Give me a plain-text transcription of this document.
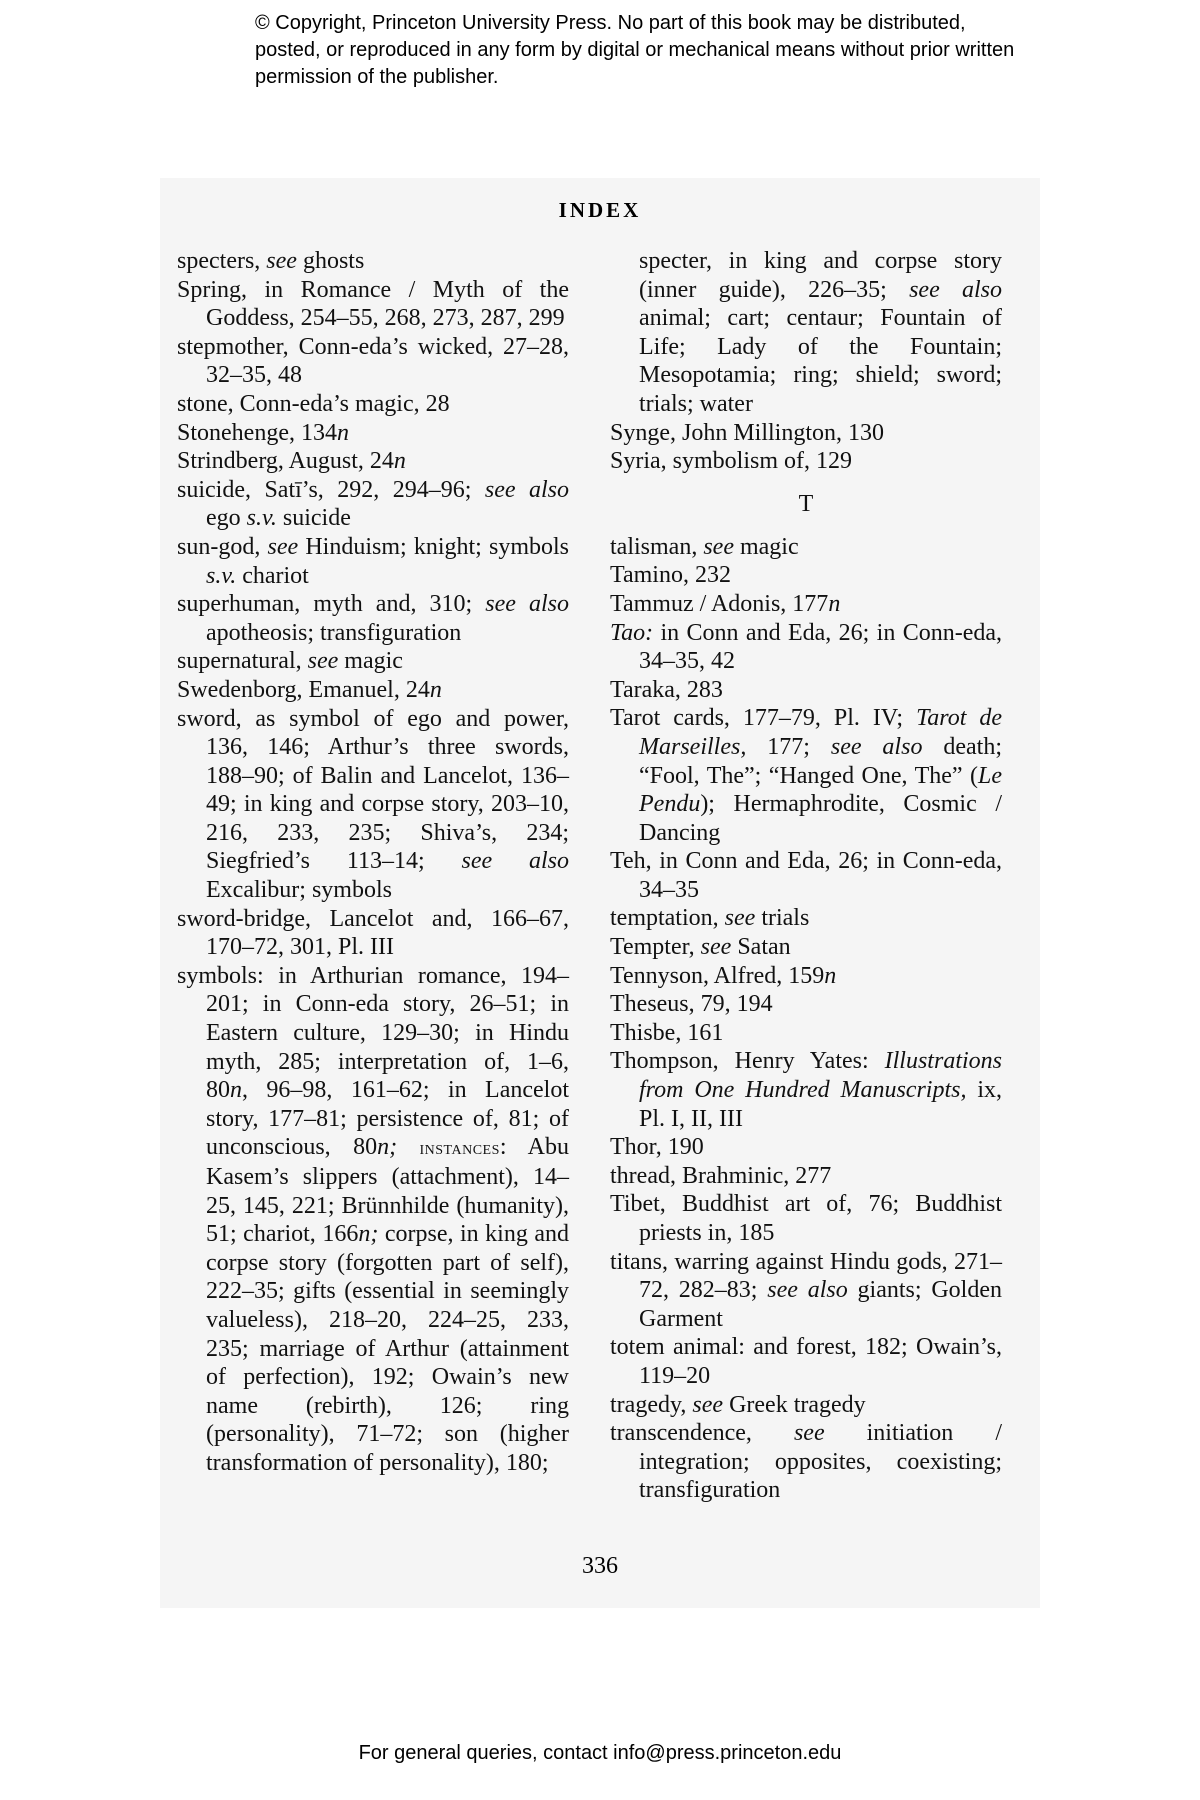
© Copyright, Princeton University Press. No part of this book may be distributed, posted, or reproduced in any form by digital or mechanical means without prior written permission of the publisher.
INDEX
specters, see ghosts
Spring, in Romance / Myth of the Goddess, 254–55, 268, 273, 287, 299
stepmother, Conn-eda’s wicked, 27–28, 32–35, 48
stone, Conn-eda’s magic, 28
Stonehenge, 134n
Strindberg, August, 24n
suicide, Satī’s, 292, 294–96; see also ego s.v. suicide
sun-god, see Hinduism; knight; symbols s.v. chariot
superhuman, myth and, 310; see also apotheosis; transfiguration
supernatural, see magic
Swedenborg, Emanuel, 24n
sword, as symbol of ego and power, 136, 146; Arthur’s three swords, 188–90; of Balin and Lancelot, 136–49; in king and corpse story, 203–10, 216, 233, 235; Shiva’s, 234; Siegfried’s 113–14; see also Excalibur; symbols
sword-bridge, Lancelot and, 166–67, 170–72, 301, Pl. III
symbols: in Arthurian romance, 194–201; in Conn-eda story, 26–51; in Eastern culture, 129–30; in Hindu myth, 285; interpretation of, 1–6, 80n, 96–98, 161–62; in Lancelot story, 177–81; persistence of, 81; of unconscious, 80n; instances: Abu Kasem’s slippers (attachment), 14–25, 145, 221; Brünnhilde (humanity), 51; chariot, 166n; corpse, in king and corpse story (forgotten part of self), 222–35; gifts (essential in seemingly valueless), 218–20, 224–25, 233, 235; marriage of Arthur (attainment of perfection), 192; Owain’s new name (rebirth), 126; ring (personality), 71–72; son (higher transformation of personality), 180;
specter, in king and corpse story (inner guide), 226–35; see also animal; cart; centaur; Fountain of Life; Lady of the Fountain; Mesopotamia; ring; shield; sword; trials; water
Synge, John Millington, 130
Syria, symbolism of, 129
T
talisman, see magic
Tamino, 232
Tammuz / Adonis, 177n
Tao: in Conn and Eda, 26; in Conn-eda, 34–35, 42
Taraka, 283
Tarot cards, 177–79, Pl. IV; Tarot de Marseilles, 177; see also death; “Fool, The”; “Hanged One, The” (Le Pendu); Hermaphrodite, Cosmic / Dancing
Teh, in Conn and Eda, 26; in Conn-eda, 34–35
temptation, see trials
Tempter, see Satan
Tennyson, Alfred, 159n
Theseus, 79, 194
Thisbe, 161
Thompson, Henry Yates: Illustrations from One Hundred Manuscripts, ix, Pl. I, II, III
Thor, 190
thread, Brahminic, 277
Tibet, Buddhist art of, 76; Buddhist priests in, 185
titans, warring against Hindu gods, 271–72, 282–83; see also giants; Golden Garment
totem animal: and forest, 182; Owain’s, 119–20
tragedy, see Greek tragedy
transcendence, see initiation / integration; opposites, coexisting; transfiguration
336
For general queries, contact info@press.princeton.edu
